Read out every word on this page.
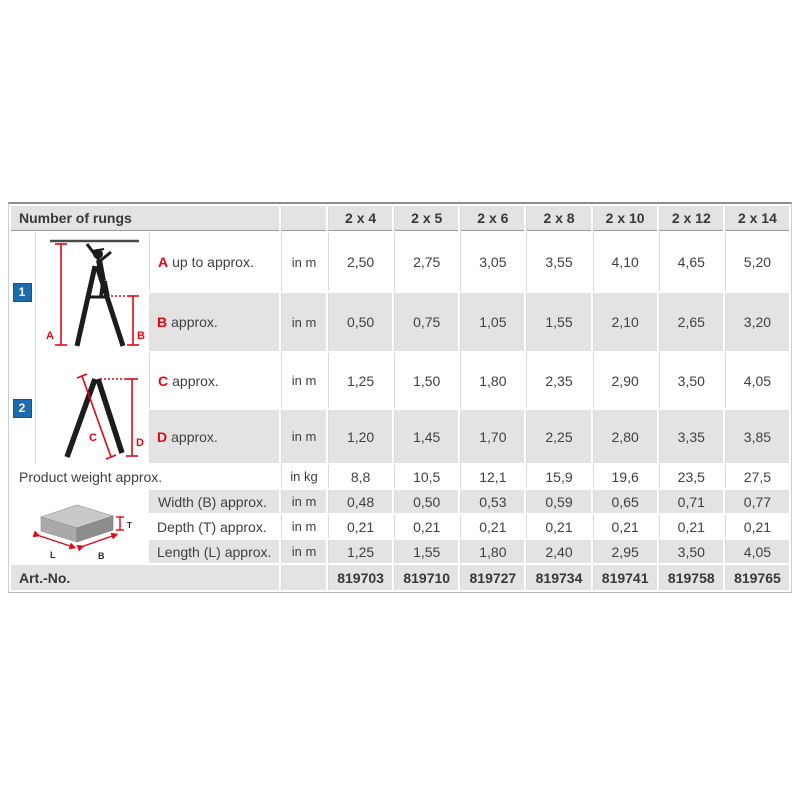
Number of rungs				2 x 4	2 x 5	2 x 6	2 x 8	2 x 10	2 x 12	2 x 14

1	A B	A up to approx.	in m	2,50	2,75	3,05	3,55	4,10	4,65	5,20
		B approx.	in m	0,50	0,75	1,05	1,55	2,10	2,65	3,20

2	C D	C approx.	in m	1,25	1,50	1,80	2,35	2,90	3,50	4,05
		D approx.	in m	1,20	1,45	1,70	2,25	2,80	3,35	3,85
Product weight approx.			in kg	8,8	10,5	12,1	15,9	19,6	23,5	27,5

L B
T		Width (B) approx.	in m	0,48	0,50	0,53	0,59	0,65	0,71	0,77
		Depth (T) approx.	in m	0,21	0,21	0,21	0,21	0,21	0,21	0,21
		Length (L) approx.	in m	1,25	1,55	1,80	2,40	2,95	3,50	4,05
Art.-No.				819703	819710	819727	819734	819741	819758	819765
